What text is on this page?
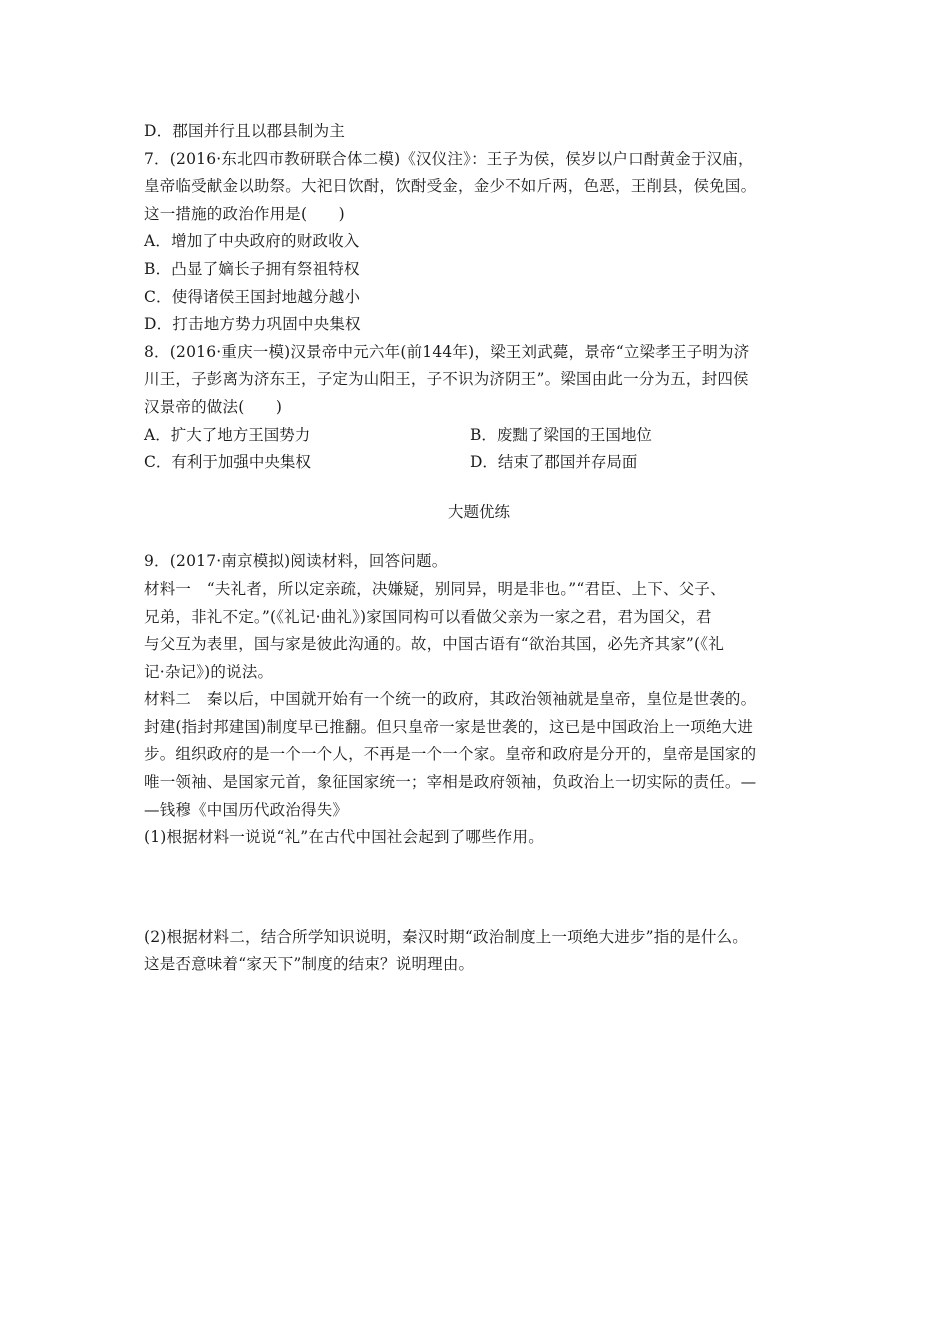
D．郡国并行且以郡县制为主
7．(2016·东北四市教研联合体二模)《汉仪注》：王子为侯，侯岁以户口酎黄金于汉庙，
皇帝临受献金以助祭。大祀日饮酎，饮酎受金，金少不如斤两，色恶，王削县，侯免国。
这一措施的政治作用是(　　)
A．增加了中央政府的财政收入
B．凸显了嫡长子拥有祭祖特权
C．使得诸侯王国封地越分越小
D．打击地方势力巩固中央集权
8．(2016·重庆一模)汉景帝中元六年(前144年)，梁王刘武薨，景帝“立梁孝王子明为济
川王，子彭离为济东王，子定为山阳王，子不识为济阴王”。梁国由此一分为五，封四侯
汉景帝的做法(　　)
A．扩大了地方王国势力	B．废黜了梁国的王国地位
C．有利于加强中央集权	D．结束了郡国并存局面
大题优练
9．(2017·南京模拟)阅读材料，回答问题。
材料一　“夫礼者，所以定亲疏，决嫌疑，别同异，明是非也。”“君臣、上下、父子、
兄弟，非礼不定。”(《礼记·曲礼》)家国同构可以看做父亲为一家之君，君为国父，君
与父互为表里，国与家是彼此沟通的。故，中国古语有“欲治其国，必先齐其家”(《礼
记·杂记》)的说法。
材料二　秦以后，中国就开始有一个统一的政府，其政治领袖就是皇帝，皇位是世袭的。
封建(指封邦建国)制度早已推翻。但只皇帝一家是世袭的，这已是中国政治上一项绝大进
步。组织政府的是一个一个人，不再是一个一个家。皇帝和政府是分开的，皇帝是国家的
唯一领袖、是国家元首，象征国家统一；宰相是政府领袖，负政治上一切实际的责任。—
—钱穆《中国历代政治得失》
(1)根据材料一说说“礼”在古代中国社会起到了哪些作用。
(2)根据材料二，结合所学知识说明，秦汉时期“政治制度上一项绝大进步”指的是什么。
这是否意味着“家天下”制度的结束？说明理由。
